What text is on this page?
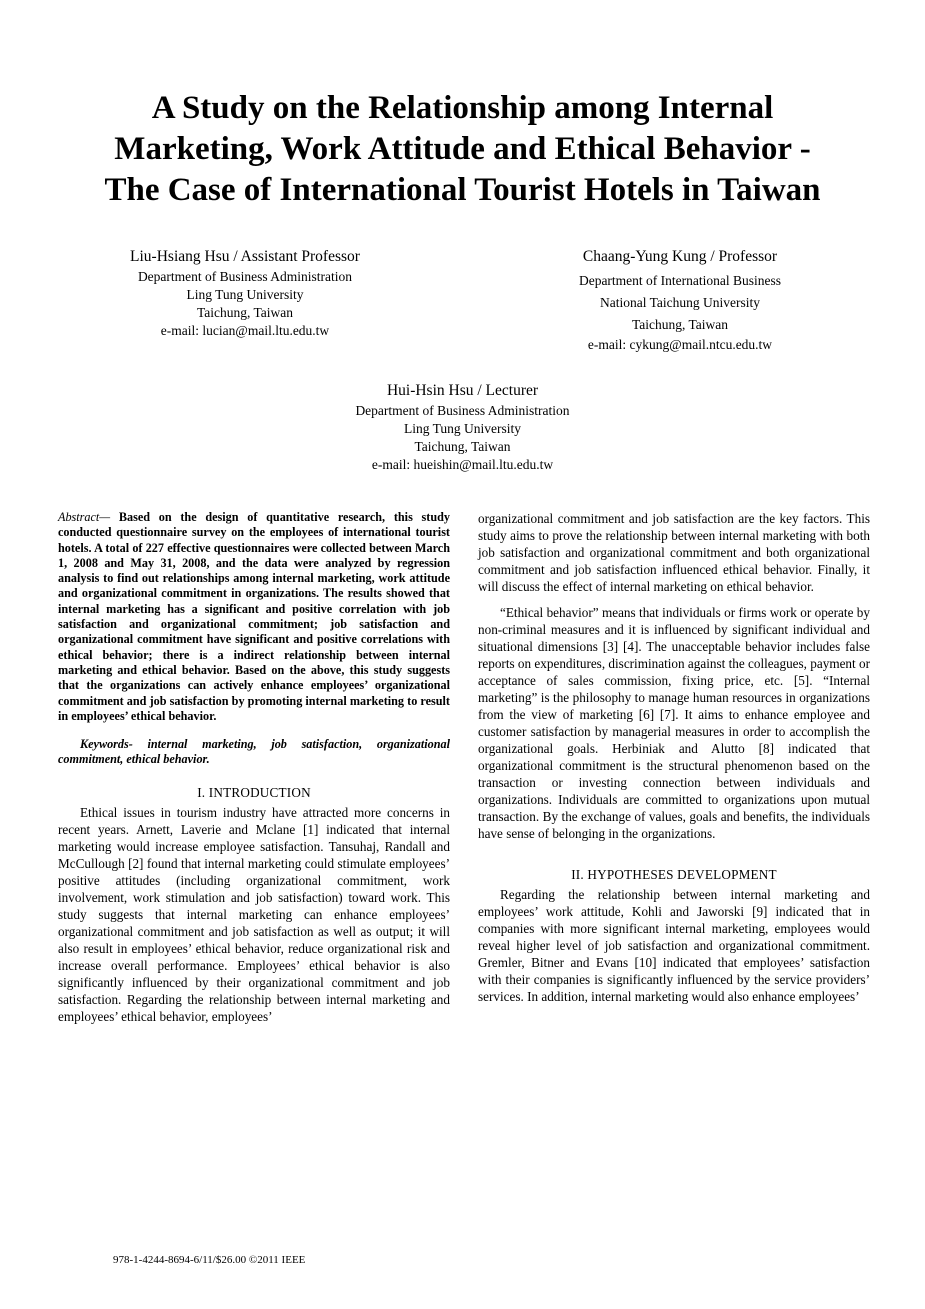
A Study on the Relationship among Internal
Marketing, Work Attitude and Ethical Behavior -
The Case of International Tourist Hotels in Taiwan
Liu-Hsiang Hsu / Assistant Professor
Department of Business Administration
Ling Tung University
Taichung, Taiwan
e-mail: lucian@mail.ltu.edu.tw
Chaang-Yung Kung / Professor
Department of International Business
National Taichung University
Taichung, Taiwan
e-mail: cykung@mail.ntcu.edu.tw
Hui-Hsin Hsu / Lecturer
Department of Business Administration
Ling Tung University
Taichung, Taiwan
e-mail: hueishin@mail.ltu.edu.tw

Abstract— Based on the design of quantitative research, this study conducted questionnaire survey on the employees of international tourist hotels. A total of 227 effective questionnaires were collected between March 1, 2008 and May 31, 2008, and the data were analyzed by regression analysis to find out relationships among internal marketing, work attitude and organizational commitment in organizations. The results showed that internal marketing has a significant and positive correlation with job satisfaction and organizational commitment; job satisfaction and organizational commitment have significant and positive correlations with ethical behavior; there is a indirect relationship between internal marketing and ethical behavior. Based on the above, this study suggests that the organizations can actively enhance employees’ organizational commitment and job satisfaction by promoting internal marketing to result in employees’ ethical behavior.

Keywords- internal marketing, job satisfaction, organizational commitment, ethical behavior.

I. INTRODUCTION

Ethical issues in tourism industry have attracted more concerns in recent years. Arnett, Laverie and Mclane [1] indicated that internal marketing would increase employee satisfaction. Tansuhaj, Randall and McCullough [2] found that internal marketing could stimulate employees’ positive attitudes (including organizational commitment, work involvement, work stimulation and job satisfaction) toward work. This study suggests that internal marketing can enhance employees’ organizational commitment and job satisfaction as well as output; it will also result in employees’ ethical behavior, reduce organizational risk and increase overall performance. Employees’ ethical behavior is also significantly influenced by their organizational commitment and job satisfaction. Regarding the relationship between internal marketing and employees’ ethical behavior, employees’

organizational commitment and job satisfaction are the key factors. This study aims to prove the relationship between internal marketing with both job satisfaction and organizational commitment and both organizational commitment and job satisfaction influenced ethical behavior. Finally, it will discuss the effect of internal marketing on ethical behavior.

“Ethical behavior” means that individuals or firms work or operate by non-criminal measures and it is influenced by significant individual and situational dimensions [3] [4]. The unacceptable behavior includes false reports on expenditures, discrimination against the colleagues, payment or acceptance of sales commission, fixing price, etc. [5]. “Internal marketing” is the philosophy to manage human resources in organizations from the view of marketing [6] [7]. It aims to enhance employee and customer satisfaction by managerial measures in order to accomplish the organizational goals. Herbiniak and Alutto [8] indicated that organizational commitment is the structural phenomenon based on the transaction or investing connection between individuals and organizations. Individuals are committed to organizations upon mutual transaction. By the exchange of values, goals and benefits, the individuals have sense of belonging in the organizations.

II. HYPOTHESES DEVELOPMENT

Regarding the relationship between internal marketing and employees’ work attitude, Kohli and Jaworski [9] indicated that in companies with more significant internal marketing, employees would reveal higher level of job satisfaction and organizational commitment. Gremler, Bitner and Evans [10] indicated that employees’ satisfaction with their companies is significantly influenced by the service providers’ services. In addition, internal marketing would also enhance employees’

978-1-4244-8694-6/11/$26.00 ©2011 IEEE
